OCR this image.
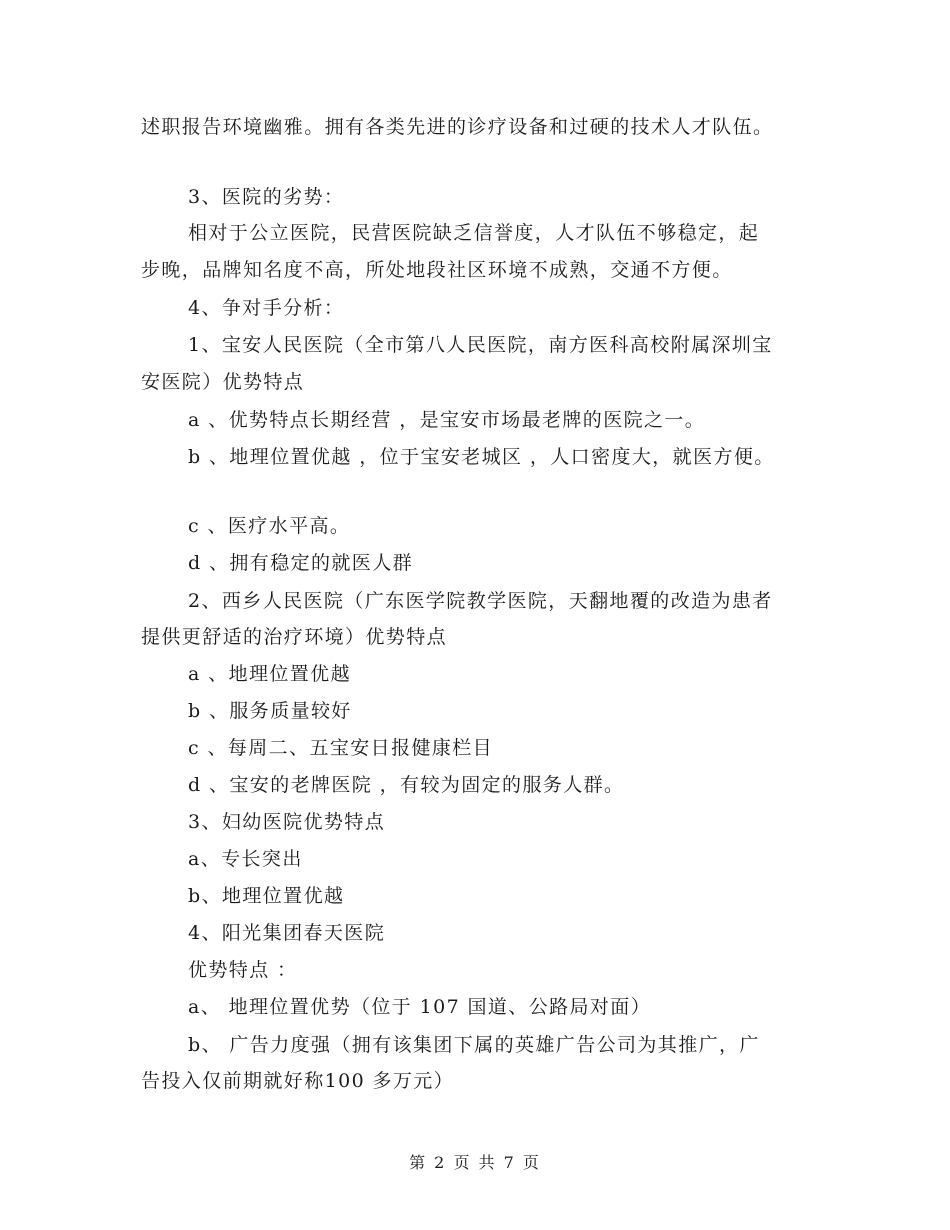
述职报告环境幽雅。拥有各类先进的诊疗设备和过硬的技术人才队伍。
3、医院的劣势：
相对于公立医院，民营医院缺乏信誉度，人才队伍不够稳定，起
步晚，品牌知名度不高，所处地段社区环境不成熟，交通不方便。
4、争对手分析：
1、宝安人民医院（全市第八人民医院，南方医科高校附属深圳宝
安医院）优势特点
a 、优势特点长期经营 ，是宝安市场最老牌的医院之一。
b 、地理位置优越 ，位于宝安老城区 ，人口密度大，就医方便。
c 、医疗水平高。
d 、拥有稳定的就医人群
2、西乡人民医院（广东医学院教学医院，天翻地覆的改造为患者
提供更舒适的治疗环境）优势特点
a 、地理位置优越
b 、服务质量较好
c 、每周二、五宝安日报健康栏目
d 、宝安的老牌医院 ，有较为固定的服务人群。
3、妇幼医院优势特点
a、专长突出
b、地理位置优越
4、阳光集团春天医院
优势特点 ：
a、 地理位置优势（位于 107 国道、公路局对面）
b、 广告力度强（拥有该集团下属的英雄广告公司为其推广，广
告投入仅前期就好称100 多万元）
第 2 页 共 7 页
